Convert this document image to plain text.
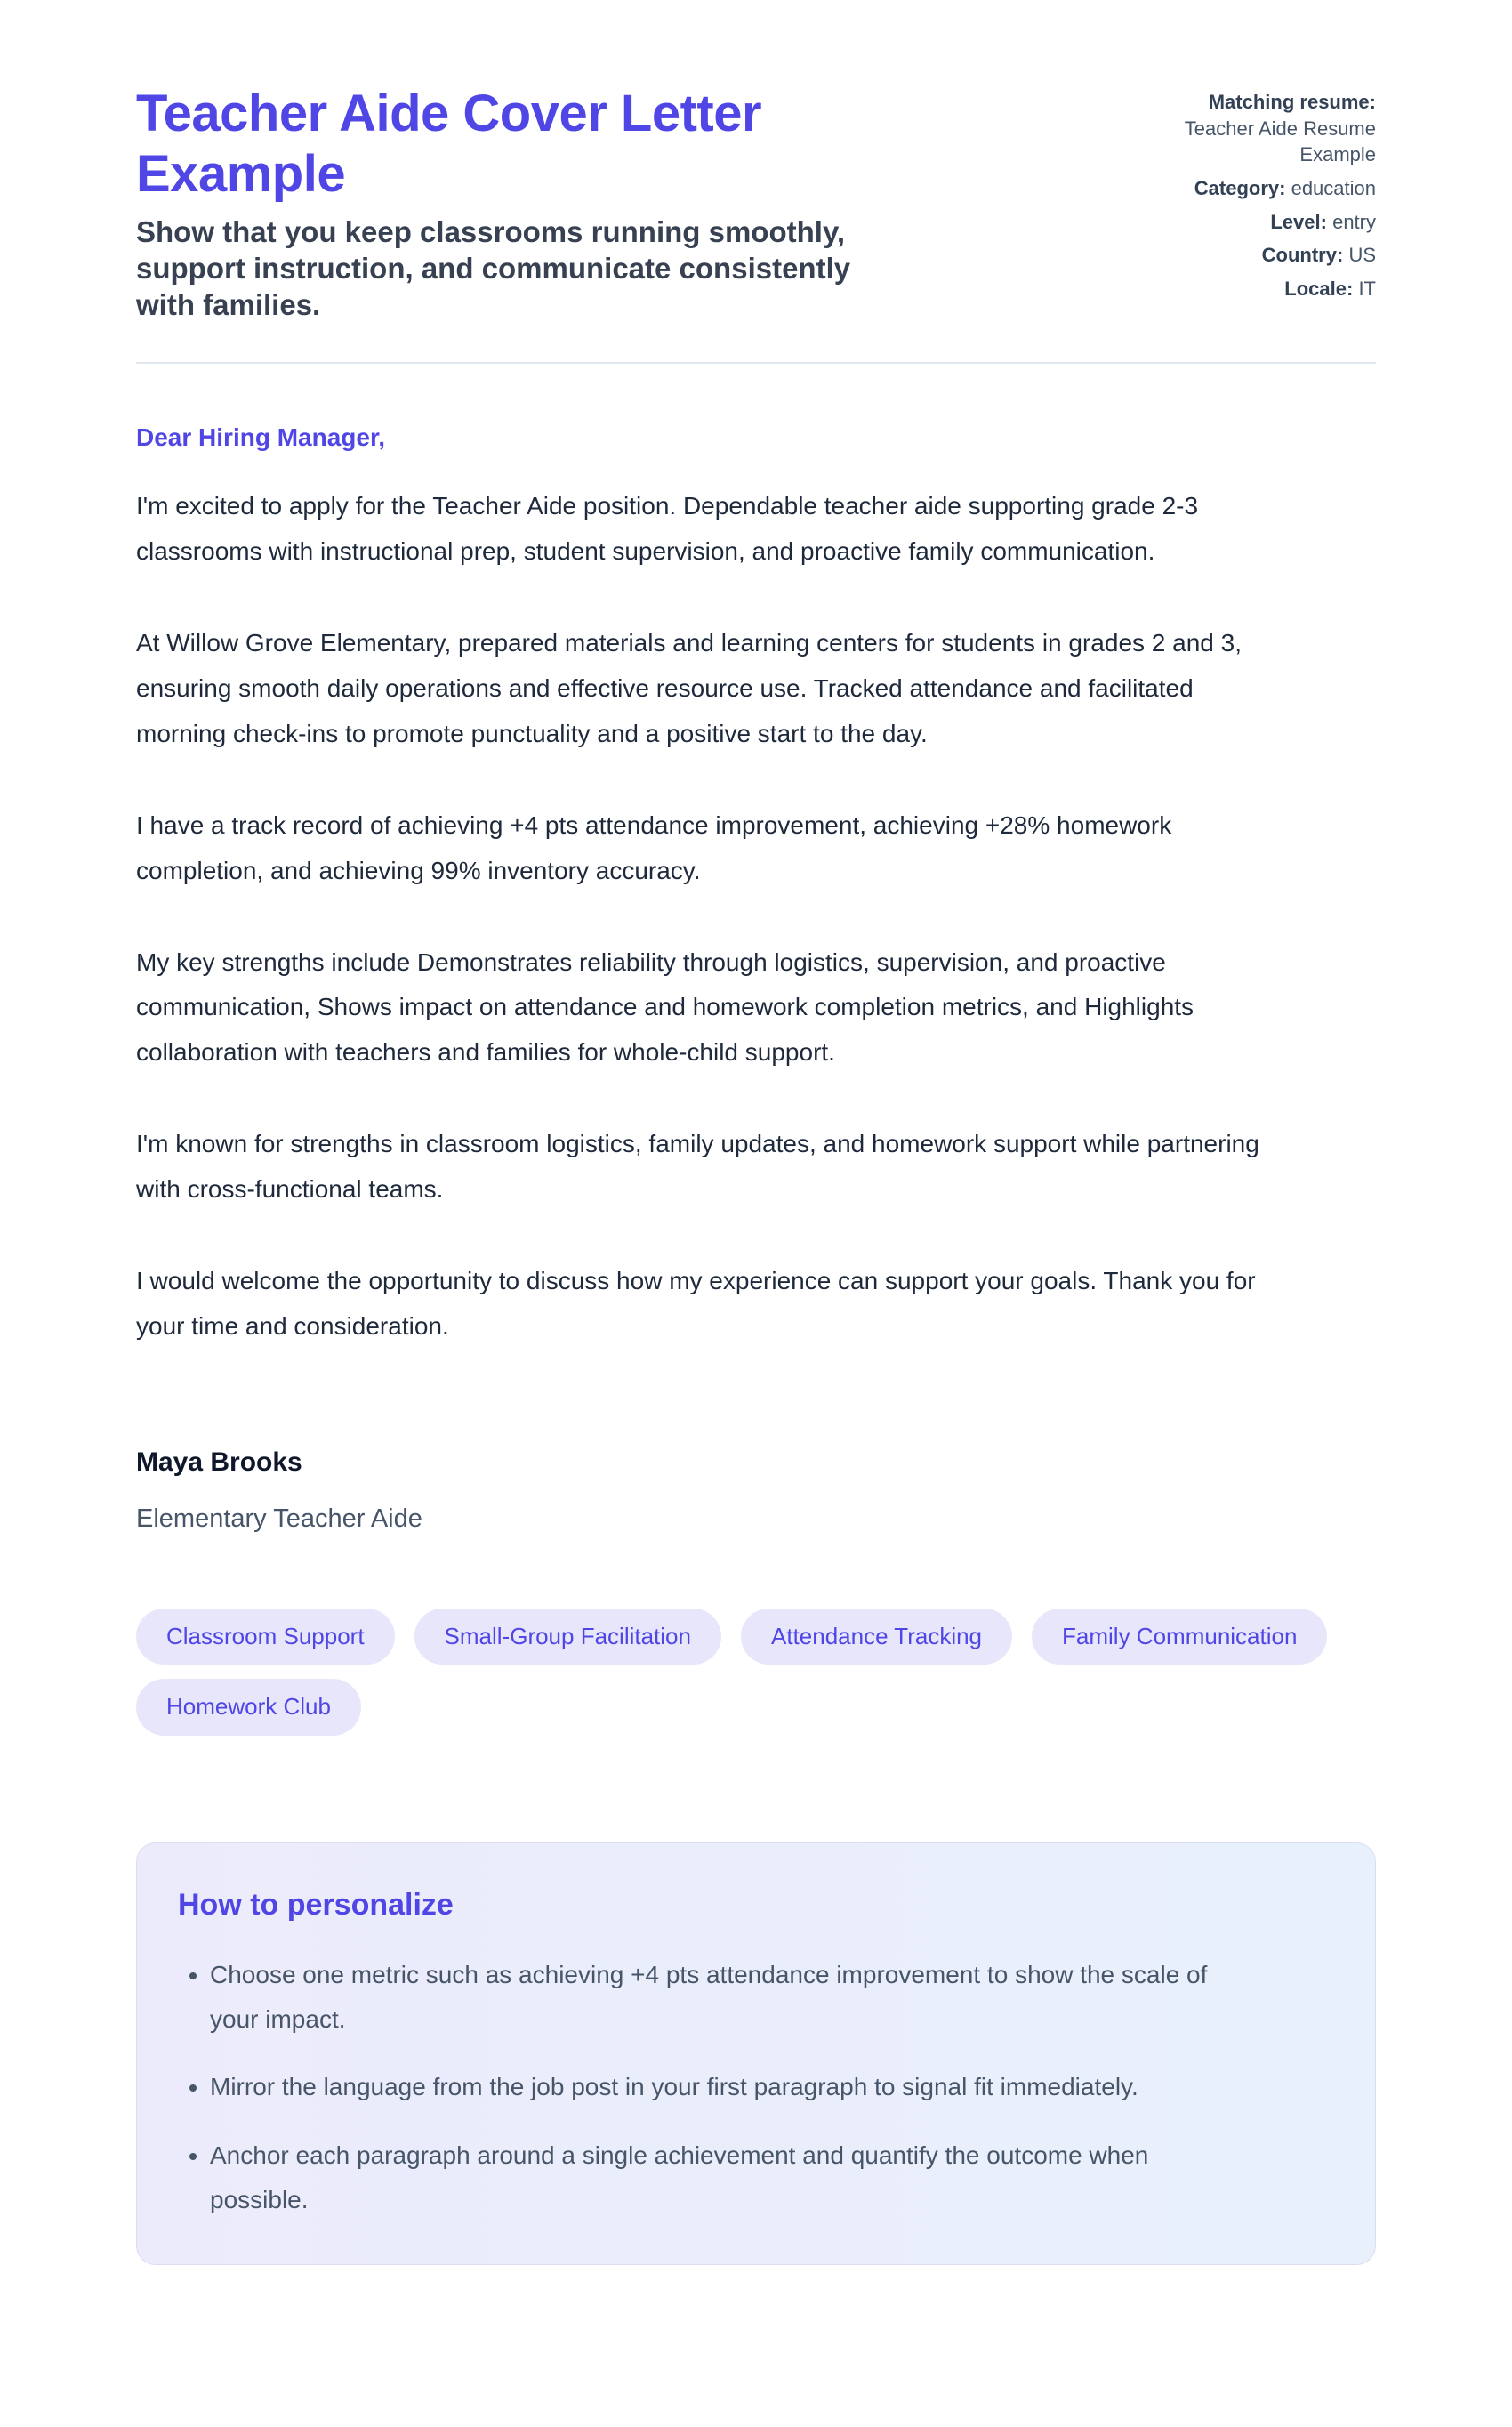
Teacher Aide Cover Letter Example

Show that you keep classrooms running smoothly, support instruction, and communicate consistently with families.

Matching resume:
Teacher Aide Resume Example
Category: education
Level: entry
Country: US
Locale: IT

Dear Hiring Manager,

I'm excited to apply for the Teacher Aide position. Dependable teacher aide supporting grade 2-3 classrooms with instructional prep, student supervision, and proactive family communication.

At Willow Grove Elementary, prepared materials and learning centers for students in grades 2 and 3, ensuring smooth daily operations and effective resource use. Tracked attendance and facilitated morning check-ins to promote punctuality and a positive start to the day.

I have a track record of achieving +4 pts attendance improvement, achieving +28% homework completion, and achieving 99% inventory accuracy.

My key strengths include Demonstrates reliability through logistics, supervision, and proactive communication, Shows impact on attendance and homework completion metrics, and Highlights collaboration with teachers and families for whole-child support.

I'm known for strengths in classroom logistics, family updates, and homework support while partnering with cross-functional teams.

I would welcome the opportunity to discuss how my experience can support your goals. Thank you for your time and consideration.

Maya Brooks

Elementary Teacher Aide

Classroom Support	Small-Group Facilitation	Attendance Tracking	Family Communication
Homework Club
How to personalize
• Choose one metric such as achieving +4 pts attendance improvement to show the scale of your impact.
• Mirror the language from the job post in your first paragraph to signal fit immediately.
• Anchor each paragraph around a single achievement and quantify the outcome when possible.
